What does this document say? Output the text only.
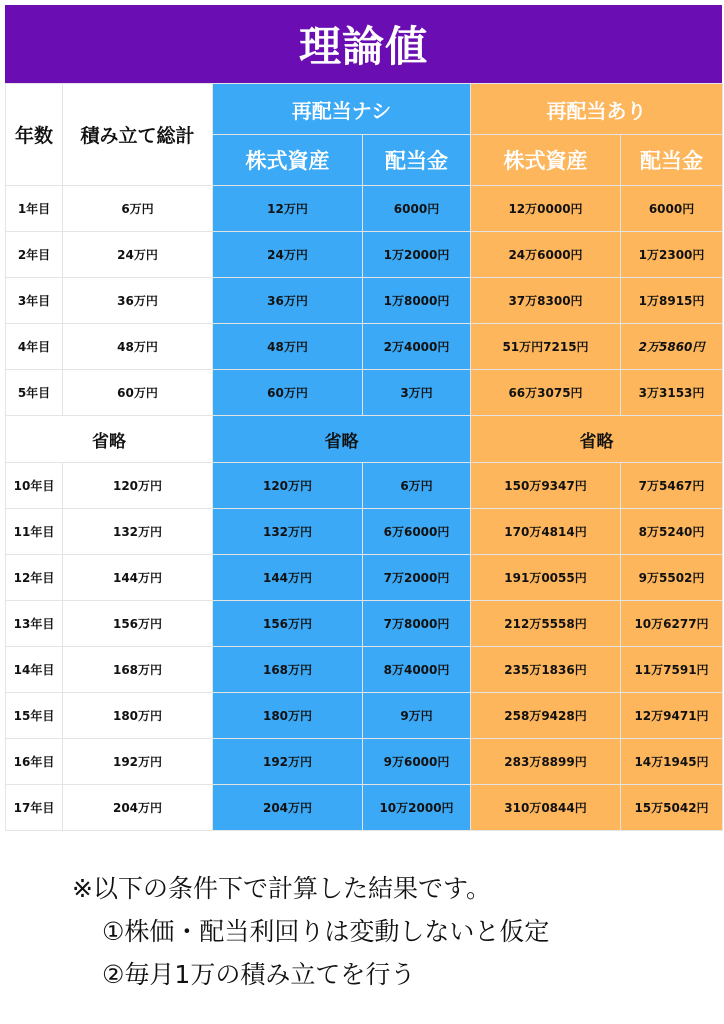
理論値
年数	積み立て総計	再配当ナシ		再配当あり	
		株式資産	配当金	株式資産	配当金
1年目	6万円	12万円	6000円	12万0000円	6000円
2年目	24万円	24万円	1万2000円	24万6000円	1万2300円
3年目	36万円	36万円	1万8000円	37万8300円	1万8915円
4年目	48万円	48万円	2万4000円	51万円7215円	2万5860円
5年目	60万円	60万円	3万円	66万3075円	3万3153円
省略		省略		省略	
10年目	120万円	120万円	6万円	150万9347円	7万5467円
11年目	132万円	132万円	6万6000円	170万4814円	8万5240円
12年目	144万円	144万円	7万2000円	191万0055円	9万5502円
13年目	156万円	156万円	7万8000円	212万5558円	10万6277円
14年目	168万円	168万円	8万4000円	235万1836円	11万7591円
15年目	180万円	180万円	9万円	258万9428円	12万9471円
16年目	192万円	192万円	9万6000円	283万8899円	14万1945円
17年目	204万円	204万円	10万2000円	310万0844円	15万5042円
※以下の条件下で計算した結果です。
①株価・配当利回りは変動しないと仮定
②毎月1万の積み立てを行う
